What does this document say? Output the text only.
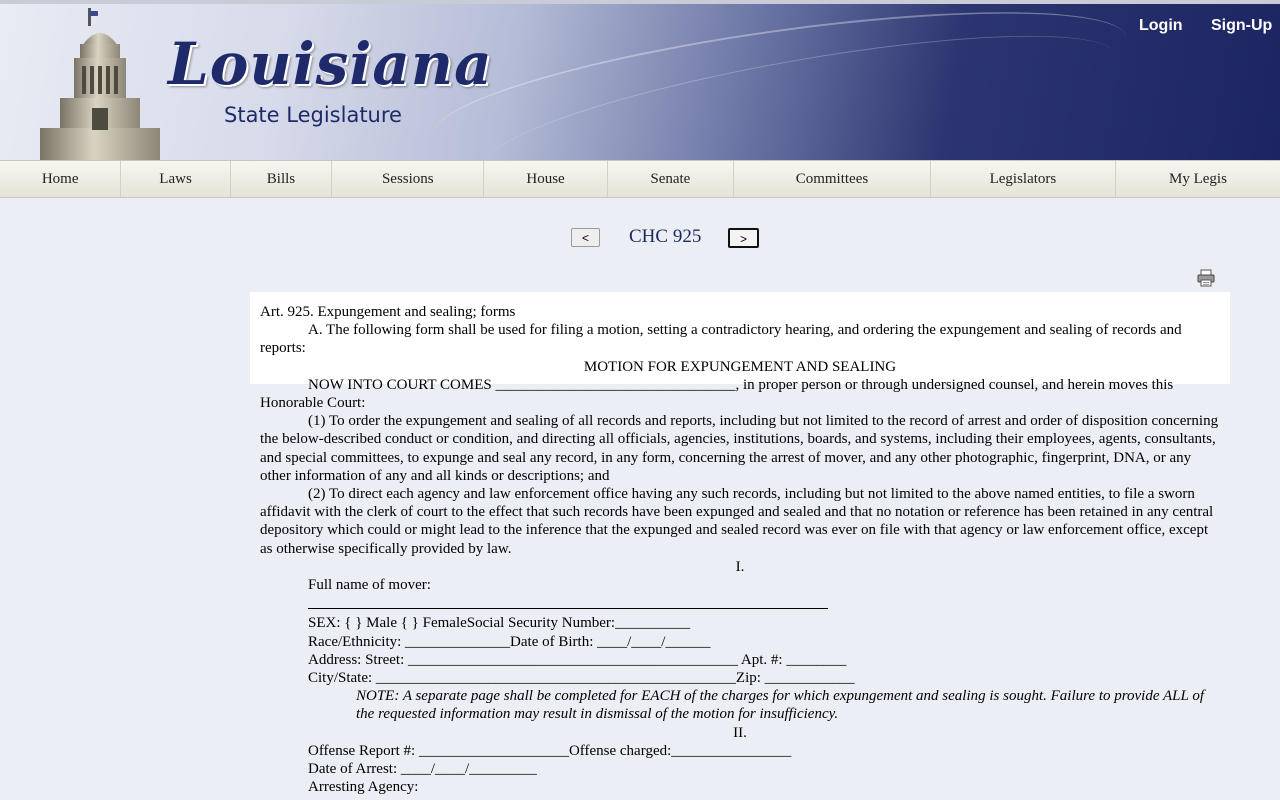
Louisiana
State Legislature
Login Sign-Up
Home	Laws	Bills	Sessions	House	Senate	Committees	Legislators	My Legis
<	CHC 925	>

Art. 925. Expungement and sealing; forms

A. The following form shall be used for filing a motion, setting a contradictory hearing, and ordering the expungement and sealing of records and reports:

MOTION FOR EXPUNGEMENT AND SEALING

NOW INTO COURT COMES ________________________________, in proper person or through undersigned counsel, and herein moves this Honorable Court:

(1) To order the expungement and sealing of all records and reports, including but not limited to the record of arrest and order of disposition concerning the below-described conduct or condition, and directing all officials, agencies, institutions, boards, and systems, including their employees, agents, consultants, and special committees, to expunge and seal any record, in any form, concerning the arrest of mover, and any other photographic, fingerprint, DNA, or any other information of any and all kinds or descriptions; and

(2) To direct each agency and law enforcement office having any such records, including but not limited to the above named entities, to file a sworn affidavit with the clerk of court to the effect that such records have been expunged and sealed and that no notation or reference has been retained in any central depository which could or might lead to the inference that the expunged and sealed record was ever on file with that agency or law enforcement office, except as otherwise specifically provided by law.

I.

Full name of mover:

SEX: { } Male { } FemaleSocial Security Number:__________

Race/Ethnicity: ______________Date of Birth: ____/____/______

Address: Street: ____________________________________________ Apt. #: ________

City/State: ________________________________________________Zip: ____________

NOTE: A separate page shall be completed for EACH of the charges for which expungement and sealing is sought. Failure to provide ALL of the requested information may result in dismissal of the motion for insufficiency.

II.

Offense Report #: ____________________Offense charged:________________

Date of Arrest: ____/____/_________

Arresting Agency:
